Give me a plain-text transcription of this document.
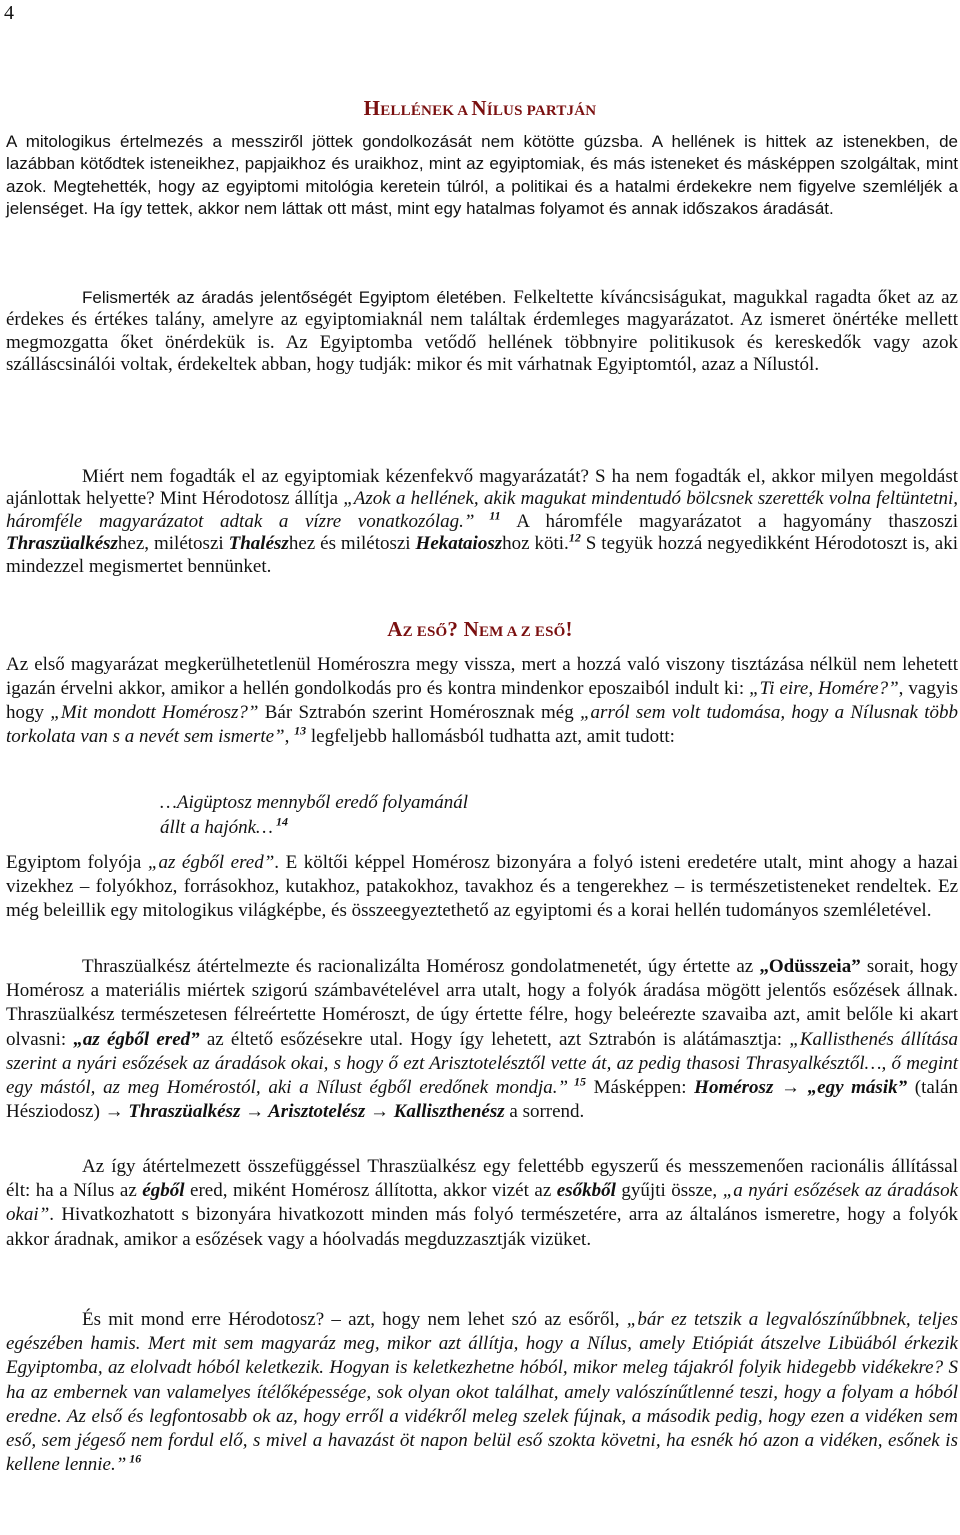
4
HELLÉNEK A NÍLUS PARTJÁN
A mitologikus értelmezés a messziről jöttek gondolkozását nem kötötte gúzsba. A hellének is hittek az istenekben, de lazábban kötődtek isteneikhez, papjaikhoz és uraikhoz, mint az egyiptomiak, és más isteneket és másképpen szolgáltak, mint azok. Megtehették, hogy az egyiptomi mitológia keretein túlról, a politikai és a hatalmi érdekekre nem figyelve szemléljék a jelenséget. Ha így tettek, akkor nem láttak ott mást, mint egy hatalmas folyamot és annak időszakos áradását.
Felismerték az áradás jelentőségét Egyiptom életében. Felkeltette kíváncsiságukat, magukkal ragadta őket az az érdekes és értékes talány, amelyre az egyiptomiaknál nem találtak érdemleges magyarázatot. Az ismeret önértéke mellett megmozgatta őket önérdekük is. Az Egyiptomba vetődő hellének többnyire politikusok és kereskedők vagy azok szálláscsinálói voltak, érdekeltek abban, hogy tudják: mikor és mit várhatnak Egyiptomtól, azaz a Nílustól.
Miért nem fogadták el az egyiptomiak kézenfekvő magyarázatát? S ha nem fogadták el, akkor milyen megoldást ajánlottak helyette? Mint Hérodotosz állítja „Azok a hellének, akik magukat mindentudó bölcsnek szerették volna feltüntetni, háromféle magyarázatot adtak a vízre vonatkozólag.” $^{11}$ A háromféle magyarázatot a hagyomány thaszoszi Thraszüalkészhez, milétoszi Thalészhez és milétoszi Hekataioszhoz köti.$^{12}$ S tegyük hozzá negyedikként Hérodotoszt is, aki mindezzel megismertet bennünket.
AZ ESŐ? NEM A Z ESŐ!
Az első magyarázat megkerülhetetlenül Homéroszra megy vissza, mert a hozzá való viszony tisztázása nélkül nem lehetett igazán érvelni akkor, amikor a hellén gondolkodás pro és kontra mindenkor eposzaiból indult ki: „Ti eire, Homére?”, vagyis hogy „Mit mondott Homérosz?” Bár Sztrabón szerint Homérosznak még „arról sem volt tudomása, hogy a Nílusnak több torkolata van s a nevét sem ismerte”, $^{13}$ legfeljebb hallomásból tudhatta azt, amit tudott:
…Aigüptosz mennyből eredő folyamánál
állt a hajónk… $^{14}$
Egyiptom folyója „az égből ered”. E költői képpel Homérosz bizonyára a folyó isteni eredetére utalt, mint ahogy a hazai vizekhez – folyókhoz, forrásokhoz, kutakhoz, patakokhoz, tavakhoz és a tengerekhez – is természetisteneket rendeltek. Ez még beleillik egy mitologikus világképbe, és összeegyeztethető az egyiptomi és a korai hellén tudományos szemléletével.
Thraszüalkész átértelmezte és racionalizálta Homérosz gondolatmenetét, úgy értette az „Odüsszeia” sorait, hogy Homérosz a materiális miértek szigorú számbavételével arra utalt, hogy a folyók áradása mögött jelentős esőzések állnak. Thraszüalkész természetesen félreértette Homéroszt, de úgy értette félre, hogy beleérezte szavaiba azt, amit belőle ki akart olvasni: „az égből ered” az éltető esőzésekre utal. Hogy így lehetett, azt Sztrabón is alátámasztja: „Kallisthenés állítása szerint a nyári esőzések az áradások okai, s hogy ő ezt Arisztotelésztől vette át, az pedig thasosi Thrasyalkésztől…, ő megint egy mástól, az meg Homérostól, aki a Nílust égből eredőnek mondja.” $^{15}$ Másképpen: Homérosz → „egy másik” (talán Hésziodosz) → Thraszüalkész → Arisztotelész → Kalliszthenész a sorrend.
Az így átértelmezett összefüggéssel Thraszüalkész egy felettébb egyszerű és messzemenően racionális állítással élt: ha a Nílus az égből ered, miként Homérosz állította, akkor vizét az esőkből gyűjti össze, „a nyári esőzések az áradások okai”. Hivatkozhatott s bizonyára hivatkozott minden más folyó természetére, arra az általános ismeretre, hogy a folyók akkor áradnak, amikor a esőzések vagy a hóolvadás megduzzasztják vizüket.
És mit mond erre Hérodotosz? – azt, hogy nem lehet szó az esőről, „bár ez tetszik a legvalószínűbbnek, teljes egészében hamis. Mert mit sem magyaráz meg, mikor azt állítja, hogy a Nílus, amely Etiópiát átszelve Libüából érkezik Egyiptomba, az elolvadt hóból keletkezik. Hogyan is keletkezhetne hóból, mikor meleg tájakról folyik hidegebb vidékekre? S ha az embernek van valamelyes ítélőképessége, sok olyan okot találhat, amely valószínűtlenné teszi, hogy a folyam a hóból eredne. Az első és legfontosabb ok az, hogy erről a vidékről meleg szelek fújnak, a második pedig, hogy ezen a vidéken sem eső, sem jégeső nem fordul elő, s mivel a havazást öt napon belül eső szokta követni, ha esnék hó azon a vidéken, esőnek is kellene lennie.” $^{16}$
